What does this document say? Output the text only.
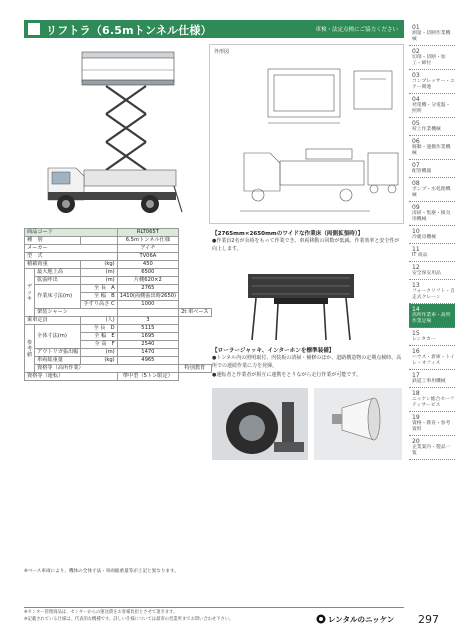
リフトラ（6.5mトンネル仕様）	車検・法定点検にご協力ください
外形図
商品コード			RLT065T	
種　別			6.5mトンネル仕様	
メーカー			アイチ	
型　式			TV06A	
積載荷重		(kg)	450	
デッキ	最大地上高	(m)	6500	
	拡張呼出	(m)	片側620×2	
	作業床寸法(m)	全 長　A	2765	
		全 幅　B	1410(両側張出時2650)	
		手すり高さ C	1000	
	架装シャーシ			2t 車ベース
乗車定員		(人)	3	
参考値	全体寸法(m)	全 長　D	5115	
		全 幅　E	1695	
		全 高　F	2540	
	アウトリガ張出幅	(m)	1470	
	車両総重量	(kg)	4965	
	資格等（高所作業）			特別教育
資格等（運転）			準中型（5トン限定）	
※ベース車両により、機体の全体寸法・車両総重量等が上記と異なります。
【2765mm×2650mmのワイドな作業床（両側拡張時）】
●作業員2名が余裕をもって作業でき、車両移動の回数が低減。作業効率と安全性が向上します。
【ローラージャッキ、インターホンを標準装備】
●トンネル内の照明取付、内装板の清掃・補修のほか、道路構造物の定期点検時、高所での連続作業に力を発揮。
●運転者と作業者が相互に連携をとりながら走行作業が可能です。
※センター管理商品は、センターからの運送費をお客様負担とさせて頂きます。
※記載されている仕様は、代表的な機種です。詳しい仕様については最寄の営業所までお問い合わせ下さい。	レンタルのニッケン 297
01
測量・切断作業機械
02
切削・切断・加工・締付
03
コンプレッサー・エアー関連
04
発電機・分電盤・照明
05
荷上作業機械
06
移動・運搬作業機械
07
配管機器
08
ポンプ・水処理機械
09
清掃・集塵・換気用機械
10
冷暖房機械
11
IT 商品
12
安全保安用品
13
フォークリフト・自走式クレーン
14
高所作業車・高所作業足場
15
レンタカー
16
ハウス・倉庫・トイレ・オフィス
17
鉄道工事用機械
18
ニッケン総合セーフティサービス
19
資格・教育・参考資料
20
企業案内・製品一覧
